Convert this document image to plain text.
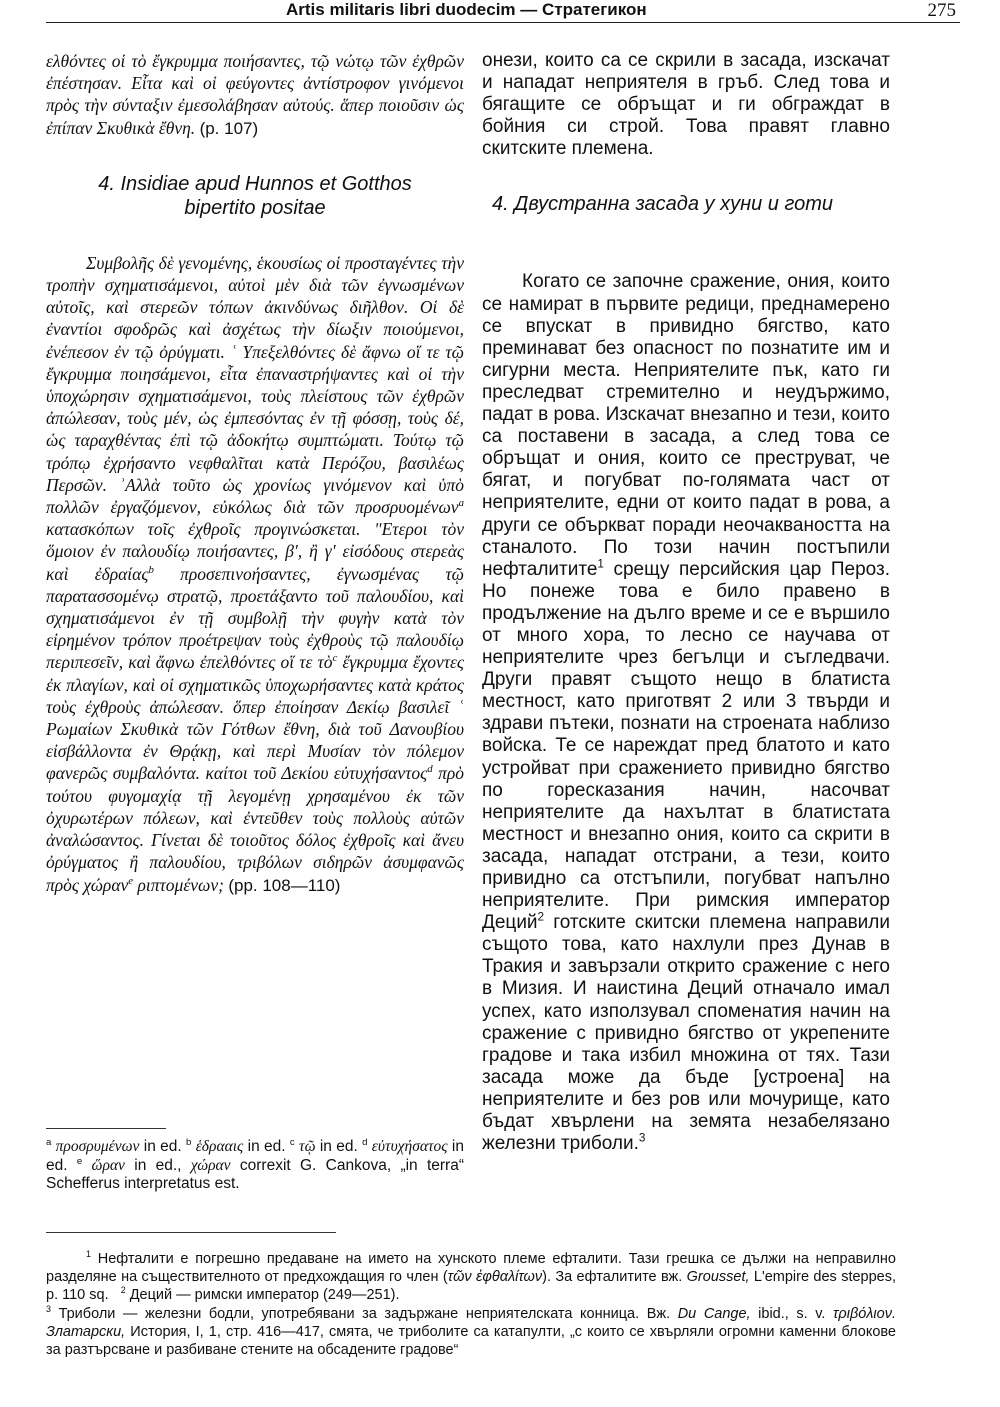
Artis militaris libri duodecim — Стратегикон	275

ελθόντες οἱ τὸ ἔγκρυμμα ποιήσαντες, τῷ νώτῳ τῶν ἐχθρῶν ἐπέστησαν. Εἶτα καὶ οἱ φεύγοντες ἀντίστροφον γινόμενοι πρὸς τὴν σύνταξιν ἐμεσολάβησαν αὐτούς. ἅπερ ποιοῦσιν ὡς ἐπίπαν Σκυθικὰ ἔθνη. (p. 107)

4. Insidiae apud Hunnos et Gotthos
bipertito positae

Συμβολῆς δὲ γενομένης, ἑκουσίως οἱ προσταγέντες τὴν τροπὴν σχηματισάμενοι, αὐτοὶ μὲν διὰ τῶν ἐγνωσμένων αὐτοῖς, καὶ στερεῶν τόπων ἀκινδύνως διῆλθον. Οἱ δὲ ἐναντίοι σφοδρῶς καὶ ἀσχέτως τὴν δίωξιν ποιούμενοι, ἐνέπεσον ἐν τῷ ὀρύγματι. ʿ Υπεξελθόντες δὲ ἄφνω οἵ τε τῷ ἔγκρυμμα ποιησάμενοι, εἶτα ἐπαναστρήψαντες καὶ οἱ τὴν ὑποχώρησιν σχηματισάμενοι, τοὺς πλείστους τῶν ἐχθρῶν ἀπώλεσαν, τοὺς μέν, ὡς ἐμπεσόντας ἐν τῇ φόσσῃ, τοὺς δέ, ὡς ταραχθέντας ἐπὶ τῷ ἀδοκήτῳ συμπτώματι. Τούτῳ τῷ τρόπῳ ἐχρήσαντο νεφθαλῖται κατὰ Περόζου, βασιλέως Περσῶν. ʾΑλλὰ τοῦτο ὡς χρονίως γινόμενον καὶ ὑπὸ πολλῶν ἐργαζόμενον, εὐκόλως διὰ τῶν προσρυομένων$^a$ κατασκόπων τοῖς ἐχθροῖς προγινώσκεται. ʺΕτεροι τὸν ὅμοιον ἐν παλουδίῳ ποιήσαντες, β', ἢ γ' εἰσόδους στερεὰς καὶ ἐδραίας$^b$ προσεπινοήσαντες, ἐγνωσμένας τῷ παρατασσομένῳ στρατῷ, προετάξαντο τοῦ παλουδίου, καὶ σχηματισάμενοι ἐν τῇ συμβολῇ τὴν φυγὴν κατὰ τὸν εἰρημένον τρόπον προέτρεψαν τοὺς ἐχθροὺς τῷ παλουδίῳ περιπεσεῖν, καὶ ἄφνω ἐπελθόντες οἵ τε τὸ$^c$ ἔγκρυμμα ἔχοντες ἐκ πλαγίων, καὶ οἱ σχηματικῶς ὑποχωρήσαντες κατὰ κράτος τοὺς ἐχθροὺς ἀπώλεσαν. ὅπερ ἐποίησαν Δεκίῳ βασιλεῖ ʿ Ρωμαίων Σκυθικὰ τῶν Γότθων ἔθνη, διὰ τοῦ Δανουβίου εἰσβάλλοντα ἐν Θρᾴκῃ, καὶ περὶ Μυσίαν τὸν πόλεμον φανερῶς συμβαλόντα. καίτοι τοῦ Δεκίου εὐτυχήσαντος$^d$ πρὸ τούτου φυγομαχίᾳ τῇ λεγομένῃ χρησαμένου ἐκ τῶν ὀχυρωτέρων πόλεων, καὶ ἐντεῦθεν τοὺς πολλοὺς αὐτῶν ἀναλώσαντος. Γίνεται δὲ τοιοῦτος δόλος ἐχθροῖς καὶ ἄνευ ὀρύγματος ἢ παλουδίου, τριβόλων σιδηρῶν ἀσυμφανῶς πρὸς χώραν$^e$ ριπτομένων; (pp. 108—110)

онези, които са се скрили в засада, изскачат и нападат неприятеля в гръб. След това и бягащите се обръщат и ги обграждат в бойния си строй. Това правят главно скитските племена.

4. Двустранна засада у хуни и готи

Когато се започне сражение, ония, които се намират в първите редици, преднамерено се впускат в привидно бягство, като преминават без опасност по познатите им и сигурни места. Неприятелите пък, като ги преследват стремително и неудържимо, падат в рова. Изскачат внезапно и тези, които са поставени в засада, а след това се обръщат и ония, които се преструват, че бягат, и погубват по-голямата част от неприятелите, едни от които падат в рова, а други се объркват поради неочакваността на станалото. По този начин постъпили нефталитите$^1$ срещу персийския цар Пероз. Но понеже това е било правено в продължение на дълго време и се е вършило от много хора, то лесно се научава от неприятелите чрез бегълци и съгледвачи. Други правят същото нещо в блатиста местност, като приготвят 2 или 3 твърди и здрави пътеки, познати на строената наблизо войска. Те се нареждат пред блатото и като устройват при сражението привидно бягство по горесказания начин, насочват неприятелите да нахълтат в блатистата местност и внезапно ония, които са скрити в засада, нападат отстрани, а тези, които привидно са отстъпили, погубват напълно неприятелите. При римския император Деций$^2$ готските скитски племена направили същото това, като нахлули през Дунав в Тракия и завързали открито сражение с него в Мизия. И наистина Деций отначало имал успех, като използувал споменатия начин на сражение с привидно бягство от укрепените градове и така избил множина от тях. Тази засада може да бъде [устроена] на неприятелите и без ров или мочурище, като бъдат хвърлени на земята незабелязано железни триболи.$^3$

$^a$ προσρυμένων in ed. $^b$ ἑδρααις in ed. $^c$ τῷ in ed. $^d$ εὐτυχήσατος in ed. $^e$ ὥραν in ed., χώραν correxit G. Cankova, „in terra“ Schefferus interpretatus est.

$^1$ Нефталити е погрешно предаване на името на хунското племе ефталити. Тази грешка се дължи на неправилно разделяне на съществителното от предхождащия го член (τῶν ἐφθαλίτων). За ефталитите вж. Grousset, L'empire des steppes, p. 110 sq. $^2$ Деций — римски император (249—251).

$^3$ Триболи — железни бодли, употребявани за задържане неприятелската конница. Вж. Du Cange, ibid., s. v. τριβόλιον. Златарски, История, I, 1, стр. 416—417, смята, че триболите са катапулти, „с които се хвърляли огромни каменни блокове за разтърсване и разбиване стените на обсадените градове“
